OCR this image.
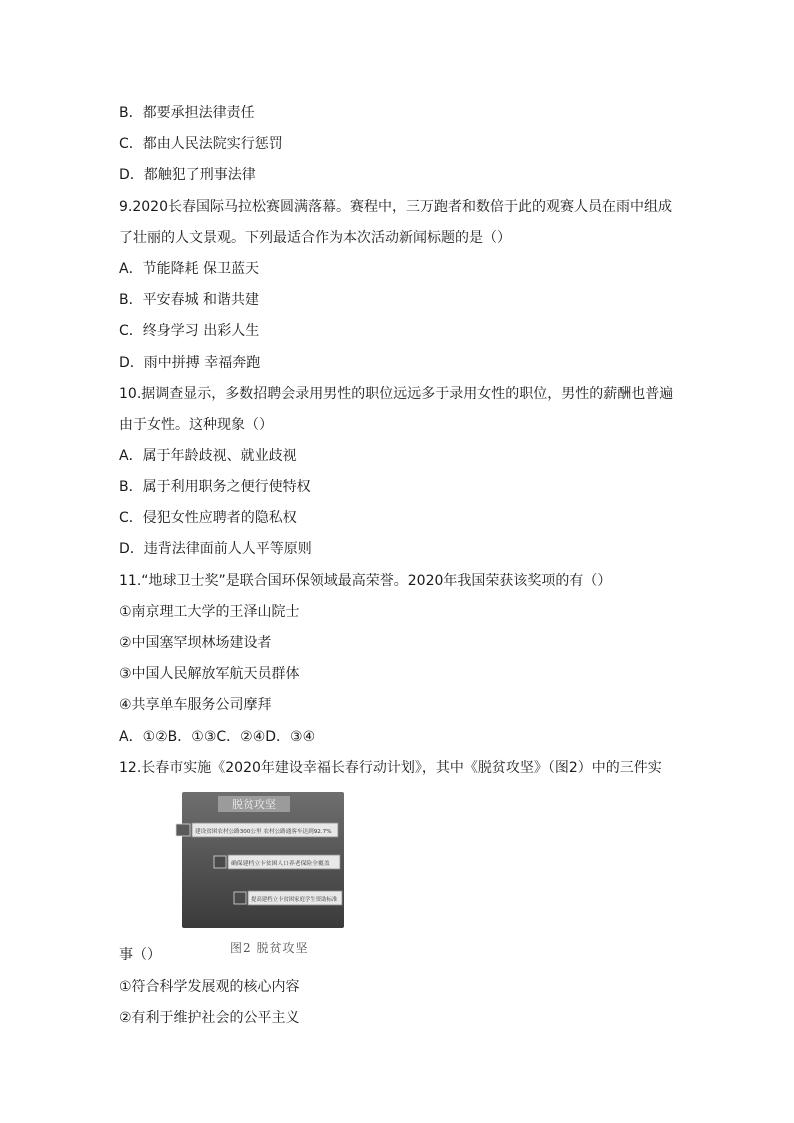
B．都要承担法律责任
C．都由人民法院实行惩罚
D．都触犯了刑事法律
9.2020长春国际马拉松赛圆满落幕。赛程中，三万跑者和数倍于此的观赛人员在雨中组成
了壮丽的人文景观。下列最适合作为本次活动新闻标题的是（）
A．节能降耗 保卫蓝天
B．平安春城 和谐共建
C．终身学习 出彩人生
D．雨中拼搏 幸福奔跑
10.据调查显示，多数招聘会录用男性的职位远远多于录用女性的职位，男性的薪酬也普遍
由于女性。这种现象（）
A．属于年龄歧视、就业歧视
B．属于利用职务之便行使特权
C．侵犯女性应聘者的隐私权
D．违背法律面前人人平等原则
11.“地球卫士奖”是联合国环保领域最高荣誉。2020年我国荣获该奖项的有（）
①南京理工大学的王泽山院士
②中国塞罕坝林场建设者
③中国人民解放军航天员群体
④共享单车服务公司摩拜
A．①②B．①③C．②④D．③④
12.长春市实施《2020年建设幸福长春行动计划》，其中《脱贫攻坚》（图2）中的三件实
脱贫攻坚
建设贫困农村公路300公里 农村公路通客车达到92.7%
确保建档立卡贫困人口养老保险全覆盖
提高建档立卡贫困家庭学生资助标准
事（）	图2 脱贫攻坚
①符合科学发展观的核心内容
②有利于维护社会的公平主义
